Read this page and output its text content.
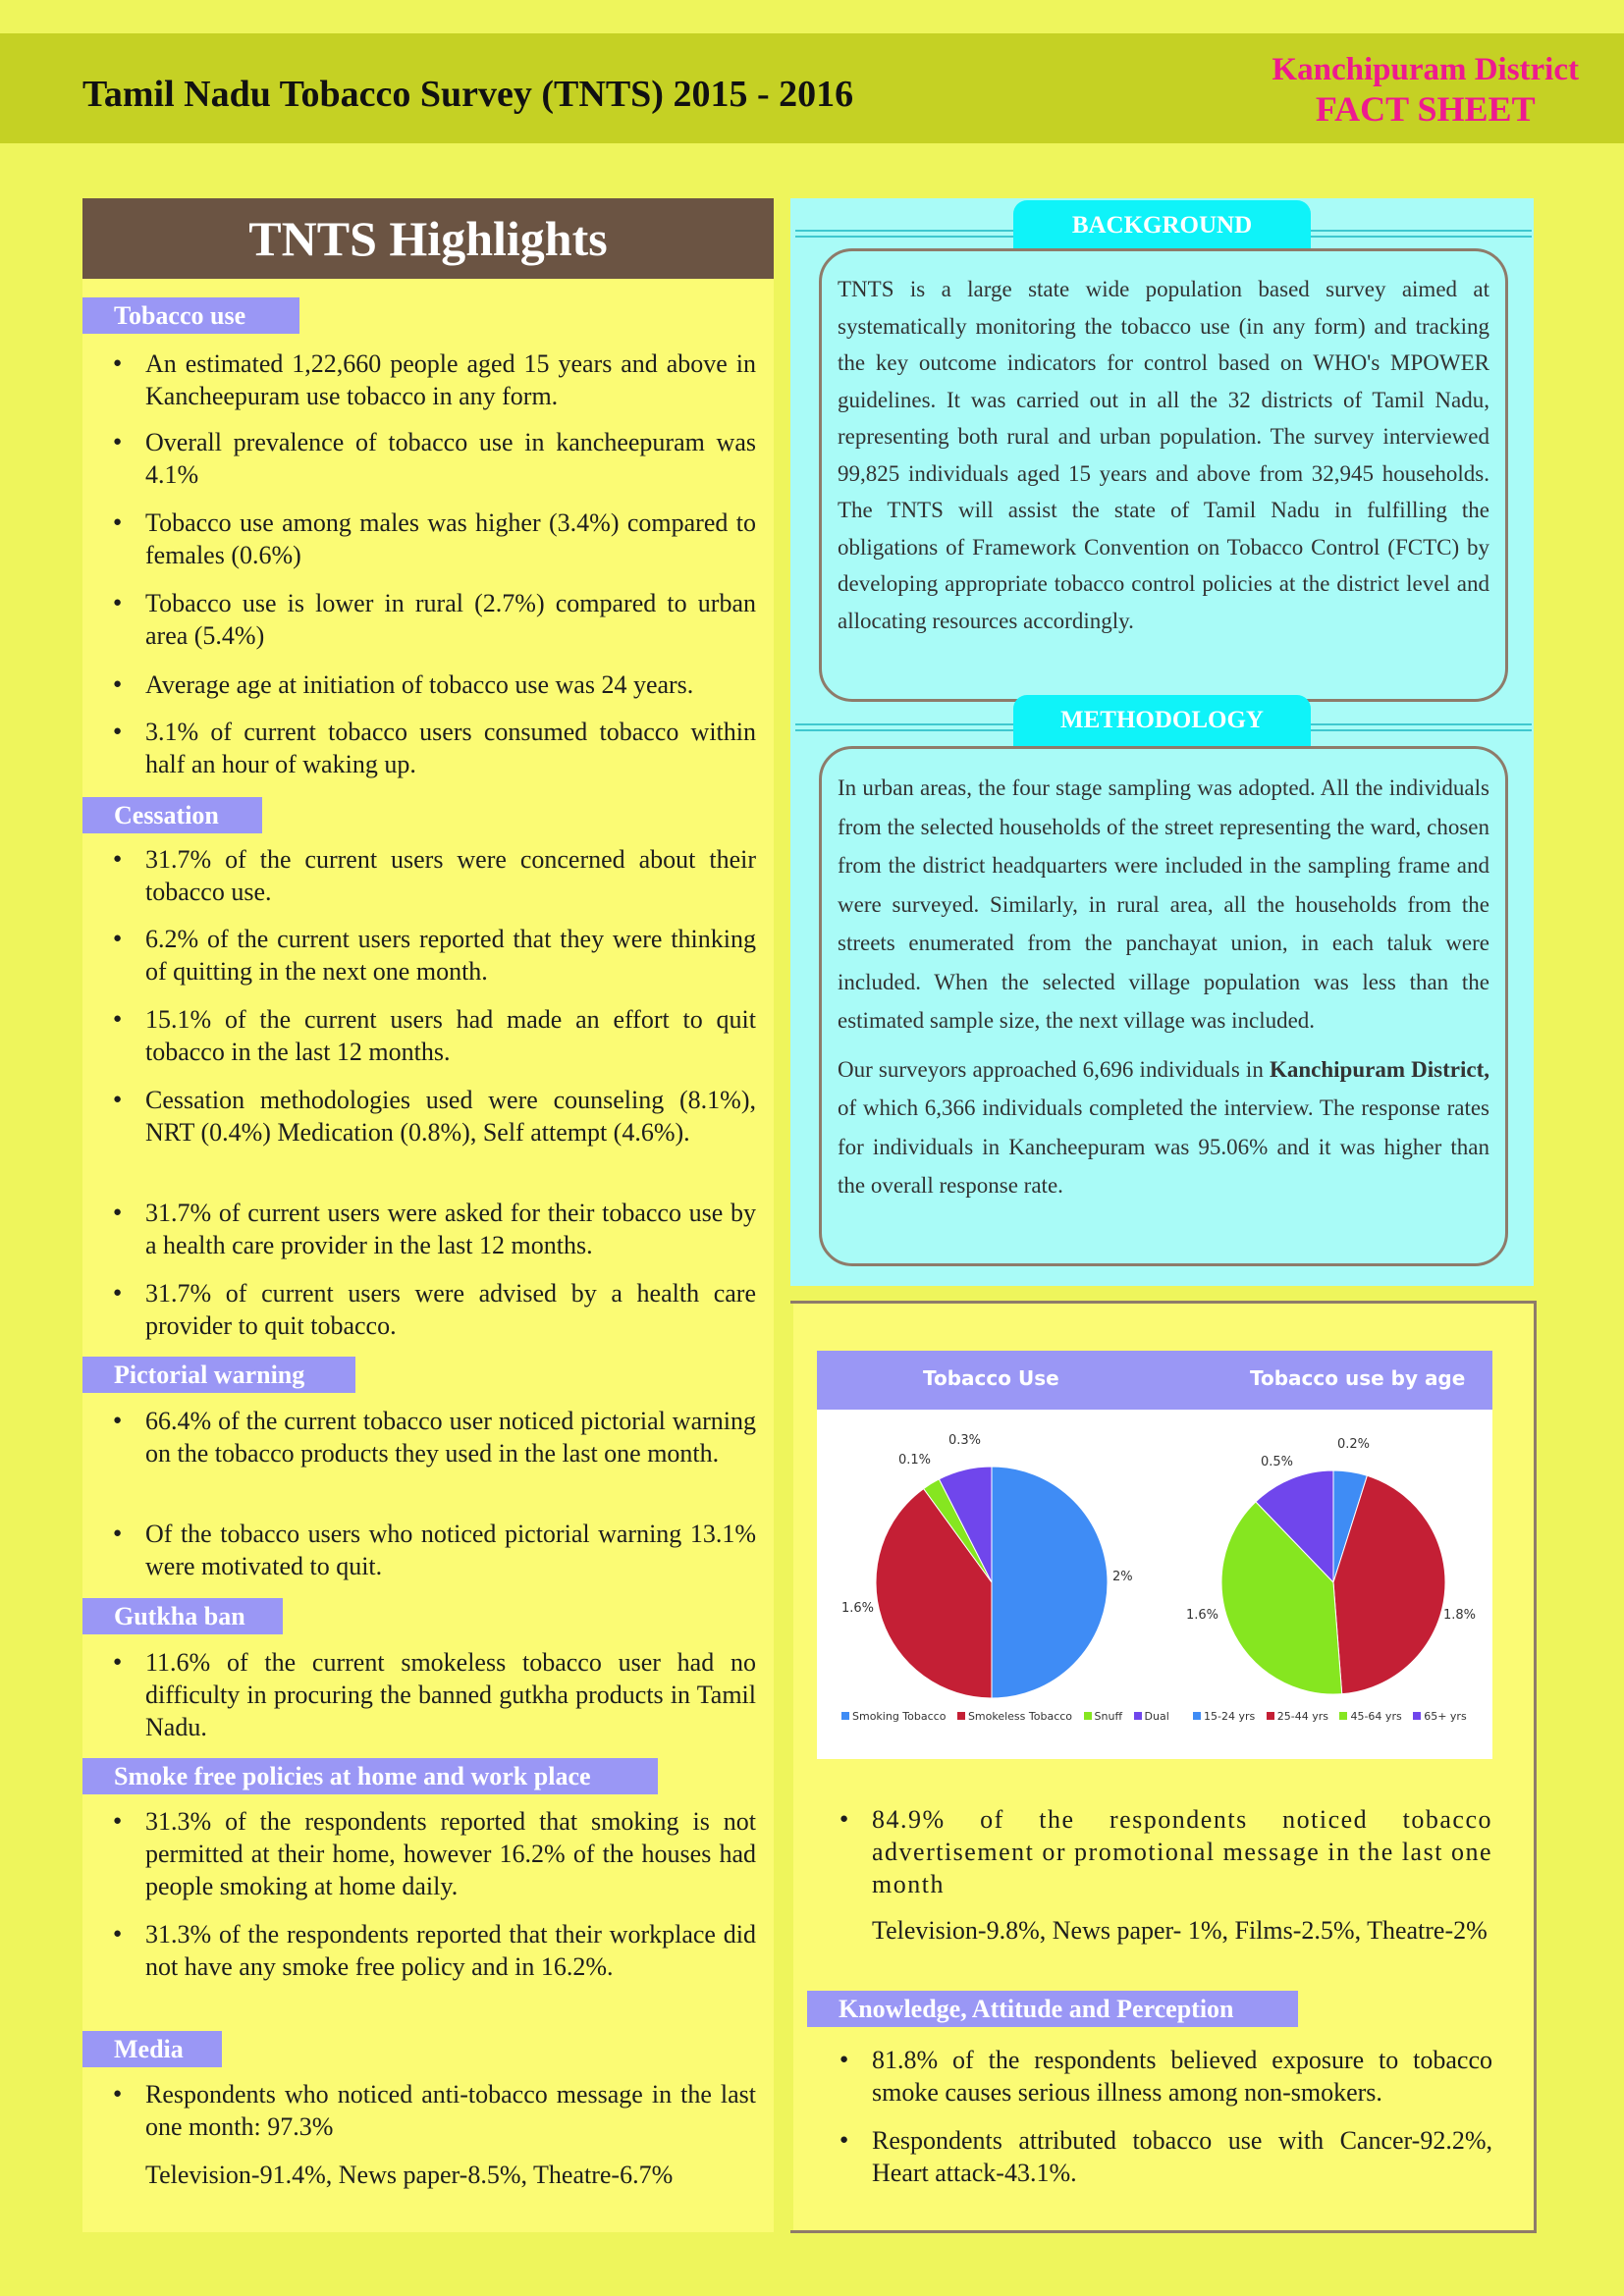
Tamil Nadu Tobacco Survey (TNTS) 2015 - 2016
Kanchipuram District
FACT SHEET
TNTS Highlights
Tobacco use
● An estimated 1,22,660 people aged 15 years and above in Kancheepuram use tobacco in any form.
● Overall prevalence of tobacco use in kancheepuram was 4.1%
● Tobacco use among males was higher (3.4%) compared to females (0.6%)
● Tobacco use is lower in rural (2.7%) compared to urban area (5.4%)
● Average age at initiation of tobacco use was 24 years.
● 3.1% of current tobacco users consumed tobacco within half an hour of waking up.
Cessation
● 31.7% of the current users were concerned about their tobacco use.
● 6.2% of the current users reported that they were thinking of quitting in the next one month.
● 15.1% of the current users had made an effort to quit tobacco in the last 12 months.
● Cessation methodologies used were counseling (8.1%), NRT (0.4%) Medication (0.8%), Self attempt (4.6%).
● 31.7% of current users were asked for their tobacco use by a health care provider in the last 12 months.
● 31.7% of current users were advised by a health care provider to quit tobacco.
Pictorial warning
● 66.4% of the current tobacco user noticed pictorial warning on the tobacco products they used in the last one month.
● Of the tobacco users who noticed pictorial warning 13.1% were motivated to quit.
Gutkha ban
● 11.6% of the current smokeless tobacco user had no difficulty in procuring the banned gutkha products in Tamil Nadu.
Smoke free policies at home and work place
● 31.3% of the respondents reported that smoking is not permitted at their home, however 16.2% of the houses had people smoking at home daily.
● 31.3% of the respondents reported that their workplace did not have any smoke free policy and in 16.2%.
Media
● Respondents who noticed anti-tobacco message in the last one month: 97.3%
Television-91.4%, News paper-8.5%, Theatre-6.7%
BACKGROUND

TNTS is a large state wide population based survey aimed at systematically monitoring the tobacco use (in any form) and tracking the key outcome indicators for control based on WHO's MPOWER guidelines. It was carried out in all the 32 districts of Tamil Nadu, representing both rural and urban population. The survey interviewed 99,825 individuals aged 15 years and above from 32,945 households. The TNTS will assist the state of Tamil Nadu in fulfilling the obligations of Framework Convention on Tobacco Control (FCTC) by developing appropriate tobacco control policies at the district level and allocating resources accordingly.

METHODOLOGY

In urban areas, the four stage sampling was adopted. All the individuals from the selected households of the street representing the ward, chosen from the district headquarters were included in the sampling frame and were surveyed. Similarly, in rural area, all the households from the streets enumerated from the panchayat union, in each taluk were included. When the selected village population was less than the estimated sample size, the next village was included.

Our surveyors approached 6,696 individuals in Kanchipuram District, of which 6,366 individuals completed the interview. The response rates for individuals in Kancheepuram was 95.06% and it was higher than the overall response rate.

Tobacco Use	Tobacco use by age
2%
1.6%
0.1%
0.3%	0.2%
1.8%
1.6%
0.5%
Smoking Tobacco Smokeless Tobacco Snuff Dual	15-24 yrs 25-44 yrs 45-64 yrs 65+ yrs
● 84.9% of the respondents noticed tobacco advertisement or promotional message in the last one month
Television-9.8%, News paper- 1%, Films-2.5%, Theatre-2%
Knowledge, Attitude and Perception
● 81.8% of the respondents believed exposure to tobacco smoke causes serious illness among non-smokers.
● Respondents attributed tobacco use with Cancer-92.2%, Heart attack-43.1%.
